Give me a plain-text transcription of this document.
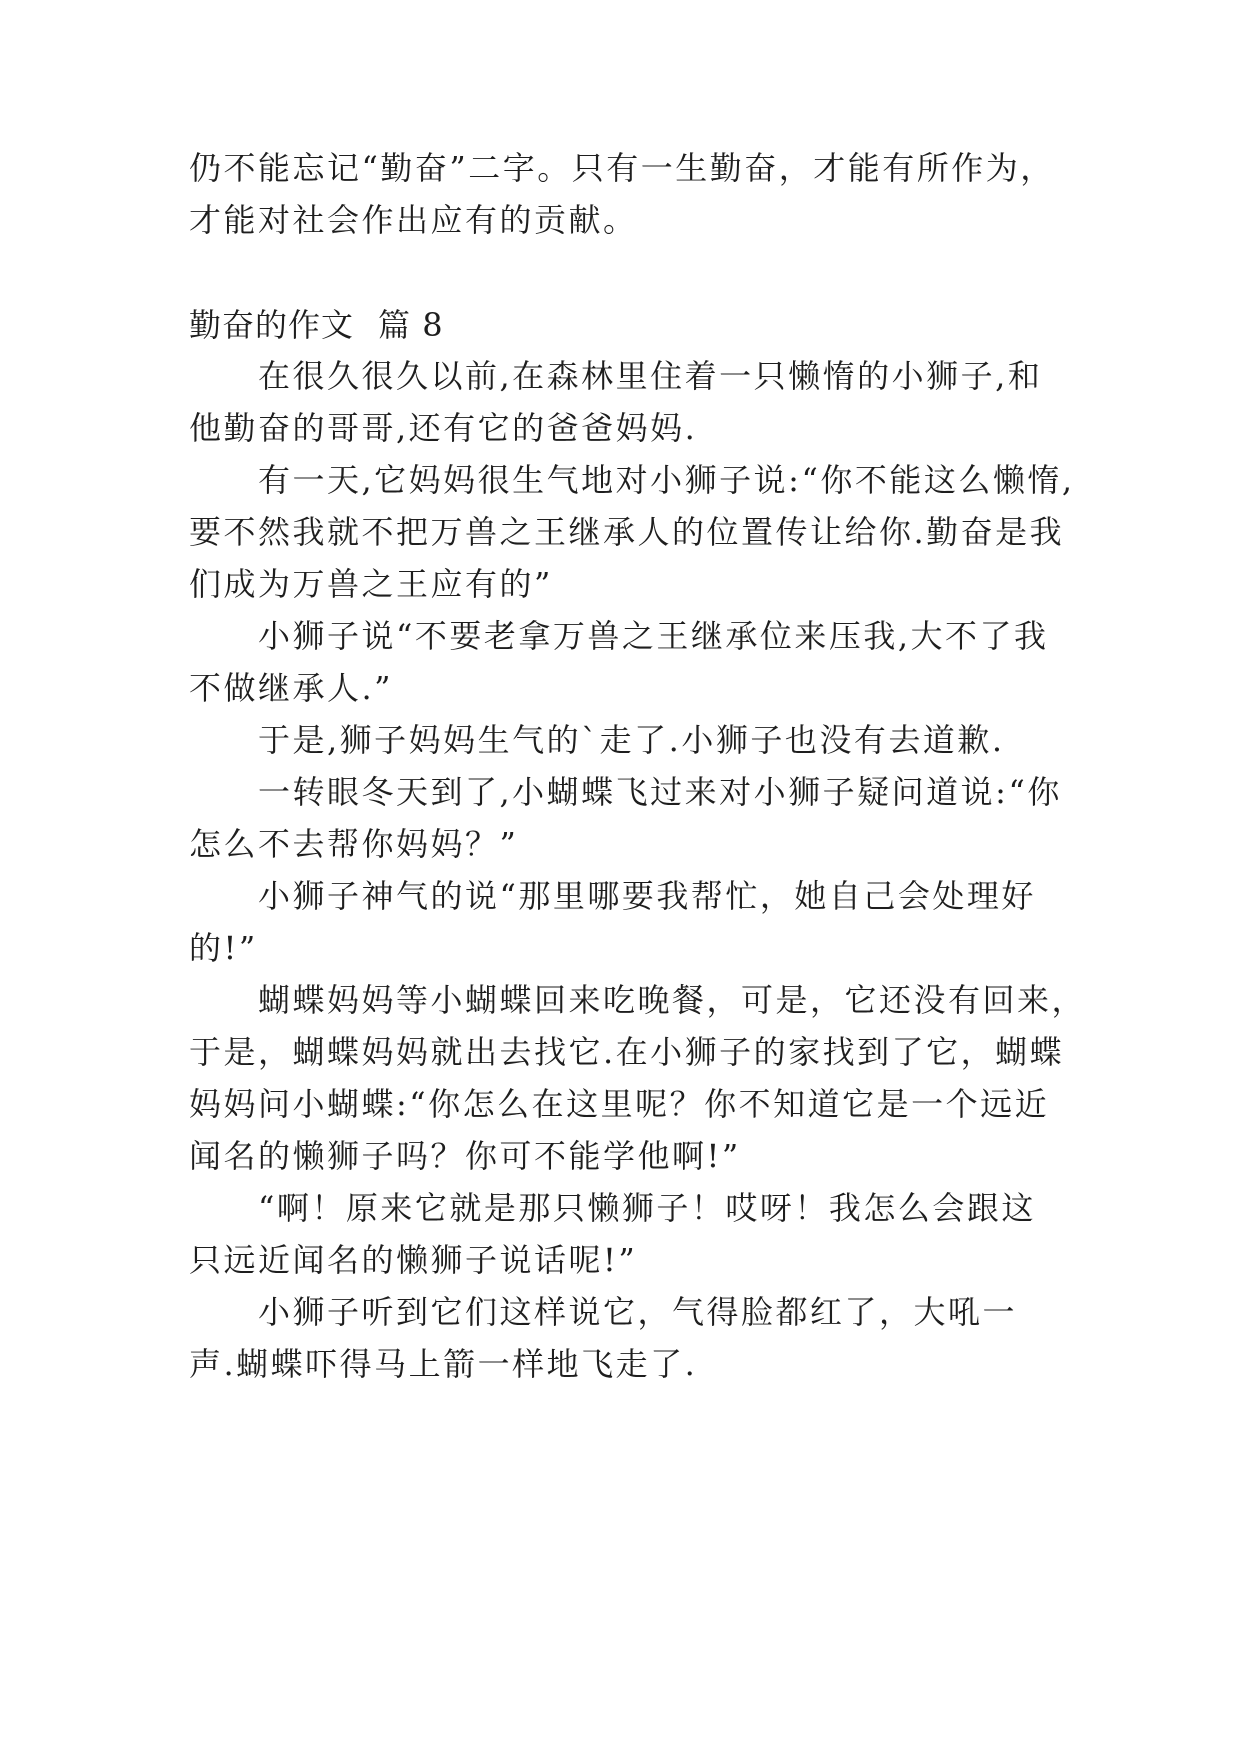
仍不能忘记“勤奋”二字。只有一生勤奋，才能有所作为，
才能对社会作出应有的贡献。
勤奋的作文 篇 8
在很久很久以前,在森林里住着一只懒惰的小狮子,和
他勤奋的哥哥,还有它的爸爸妈妈.
有一天,它妈妈很生气地对小狮子说:“你不能这么懒惰,
要不然我就不把万兽之王继承人的位置传让给你.勤奋是我
们成为万兽之王应有的”
小狮子说“不要老拿万兽之王继承位来压我,大不了我
不做继承人.”
于是,狮子妈妈生气的`走了.小狮子也没有去道歉.
一转眼冬天到了,小蝴蝶飞过来对小狮子疑问道说:“你
怎么不去帮你妈妈？”
小狮子神气的说“那里哪要我帮忙，她自己会处理好
的!”
蝴蝶妈妈等小蝴蝶回来吃晚餐，可是，它还没有回来，
于是，蝴蝶妈妈就出去找它.在小狮子的家找到了它，蝴蝶
妈妈问小蝴蝶:“你怎么在这里呢？你不知道它是一个远近
闻名的懒狮子吗？你可不能学他啊!”
“啊！原来它就是那只懒狮子！哎呀！我怎么会跟这
只远近闻名的懒狮子说话呢!”
小狮子听到它们这样说它，气得脸都红了，大吼一
声.蝴蝶吓得马上箭一样地飞走了.
